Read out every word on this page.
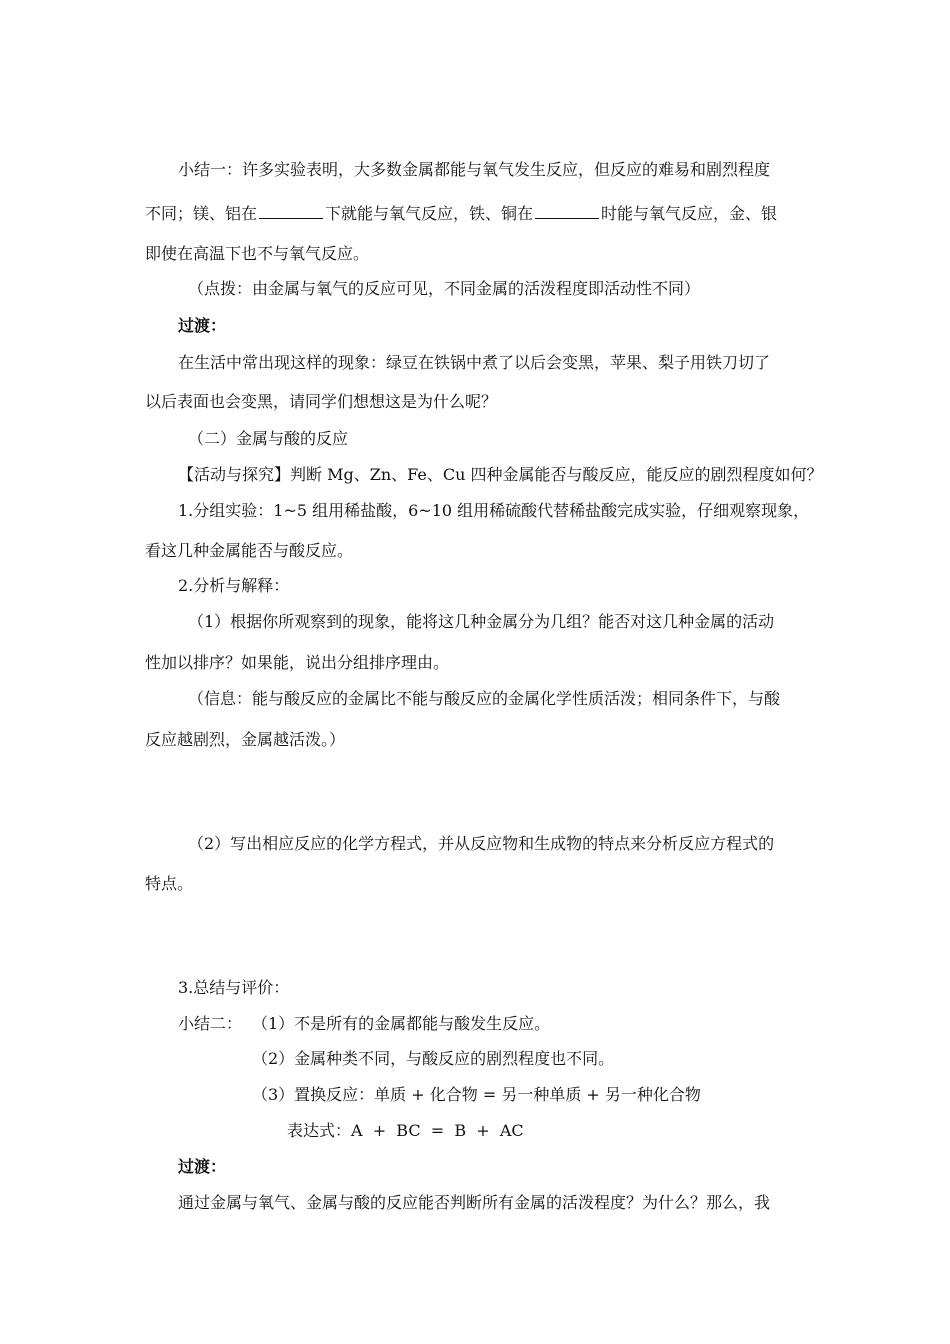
小结一：许多实验表明，大多数金属都能与氧气发生反应，但反应的难易和剧烈程度
不同；镁、铝在	下就能与氧气反应，铁、铜在	时能与氧气反应，金、银
即使在高温下也不与氧气反应。
（点拨：由金属与氧气的反应可见，不同金属的活泼程度即活动性不同）
过渡：
在生活中常出现这样的现象：绿豆在铁锅中煮了以后会变黑，苹果、梨子用铁刀切了
以后表面也会变黑，请同学们想想这是为什么呢？
（二）金属与酸的反应
【活动与探究】判断 Mg、Zn、Fe、Cu 四种金属能否与酸反应，能反应的剧烈程度如何？
1.分组实验：1~5 组用稀盐酸，6~10 组用稀硫酸代替稀盐酸完成实验，仔细观察现象，
看这几种金属能否与酸反应。
2.分析与解释：
（1）根据你所观察到的现象，能将这几种金属分为几组？能否对这几种金属的活动
性加以排序？如果能，说出分组排序理由。
（信息：能与酸反应的金属比不能与酸反应的金属化学性质活泼；相同条件下，与酸
反应越剧烈，金属越活泼。）
（2）写出相应反应的化学方程式，并从反应物和生成物的特点来分析反应方程式的
特点。
3.总结与评价：
小结二： （1）不是所有的金属都能与酸发生反应。
（2）金属种类不同，与酸反应的剧烈程度也不同。
（3）置换反应：单质 + 化合物 = 另一种单质 + 另一种化合物
表达式：A  +  BC  =  B  +  AC
过渡：
通过金属与氧气、金属与酸的反应能否判断所有金属的活泼程度？为什么？那么，我
